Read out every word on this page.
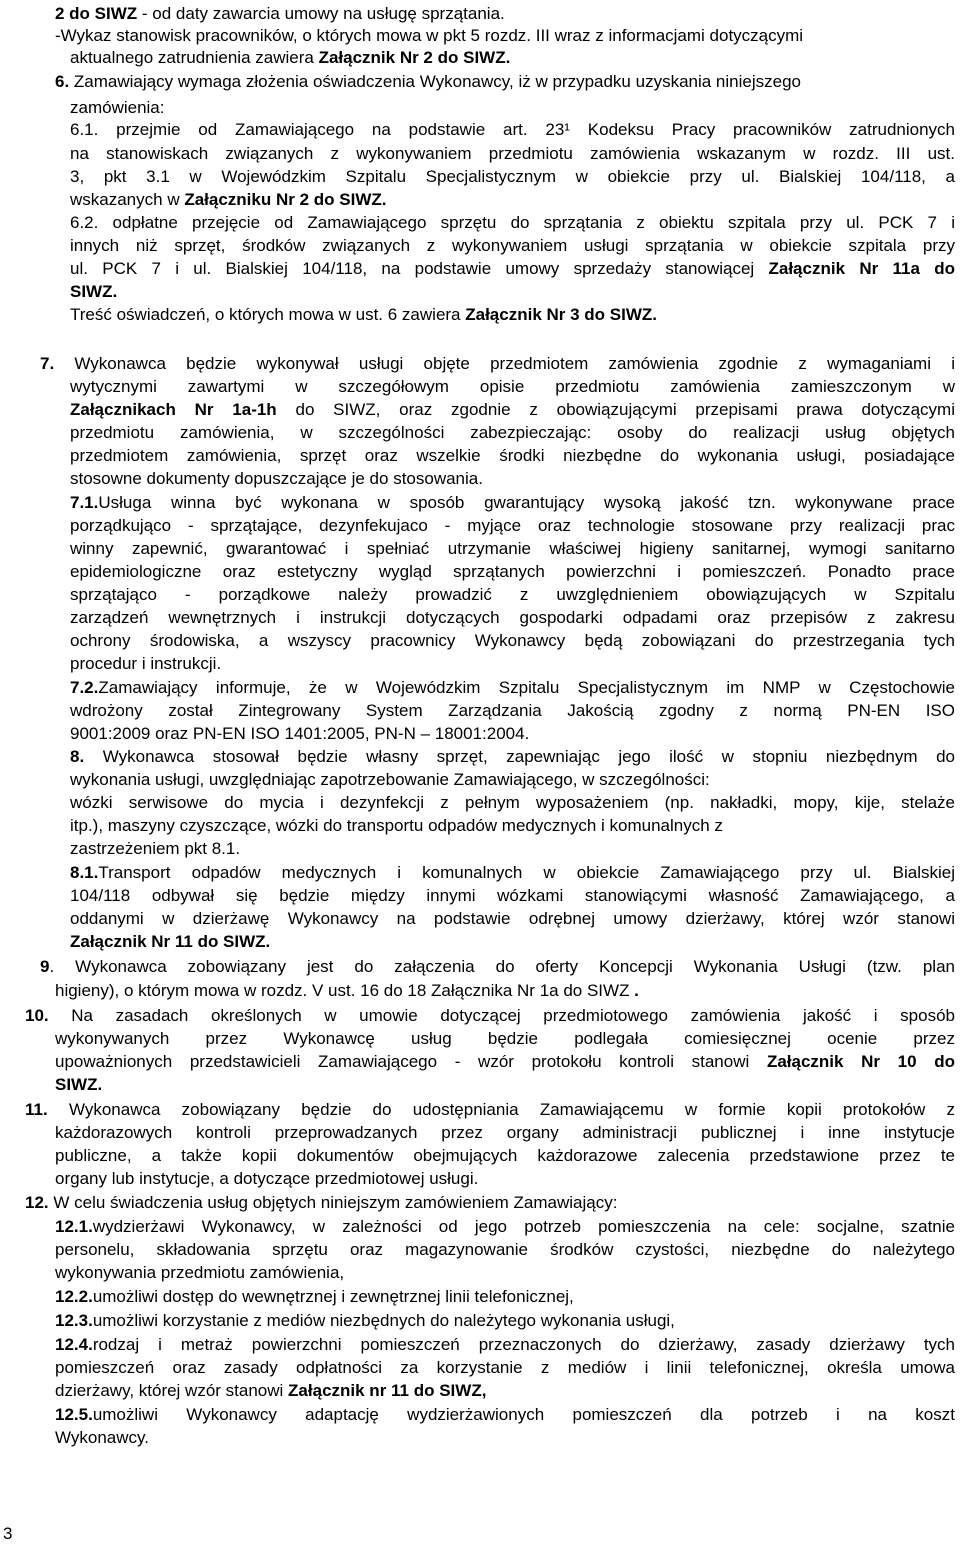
2 do SIWZ - od daty zawarcia umowy na usługę sprzątania.
-Wykaz stanowisk pracowników, o których mowa w pkt 5 rozdz. III wraz z informacjami dotyczącymi
aktualnego zatrudnienia zawiera Załącznik Nr 2 do SIWZ.
6. Zamawiający wymaga złożenia oświadczenia Wykonawcy, iż w przypadku uzyskania niniejszego
zamówienia:
6.1. przejmie od Zamawiającego na podstawie art. 23¹ Kodeksu Pracy pracowników zatrudnionych
na stanowiskach związanych z wykonywaniem przedmiotu zamówienia wskazanym w rozdz. III ust.
3, pkt 3.1 w Wojewódzkim Szpitalu Specjalistycznym w obiekcie przy ul. Bialskiej 104/118, a
wskazanych w Załączniku Nr 2 do SIWZ.
6.2. odpłatne przejęcie od Zamawiającego sprzętu do sprzątania z obiektu szpitala przy ul. PCK 7 i
innych niż sprzęt, środków związanych z wykonywaniem usługi sprzątania w obiekcie szpitala przy
ul. PCK 7 i ul. Bialskiej 104/118, na podstawie umowy sprzedaży stanowiącej Załącznik Nr 11a do
SIWZ.
Treść oświadczeń, o których mowa w ust. 6 zawiera Załącznik Nr 3 do SIWZ.
7. Wykonawca będzie wykonywał usługi objęte przedmiotem zamówienia zgodnie z wymaganiami i
wytycznymi zawartymi w szczegółowym opisie przedmiotu zamówienia zamieszczonym w
Załącznikach Nr 1a-1h do SIWZ, oraz zgodnie z obowiązującymi przepisami prawa dotyczącymi
przedmiotu zamówienia, w szczególności zabezpieczając: osoby do realizacji usług objętych
przedmiotem zamówienia, sprzęt oraz wszelkie środki niezbędne do wykonania usługi, posiadające
stosowne dokumenty dopuszczające je do stosowania.
7.1.Usługa winna być wykonana w sposób gwarantujący wysoką jakość tzn. wykonywane prace
porządkująco - sprzątające, dezynfekujaco - myjące oraz technologie stosowane przy realizacji prac
winny zapewnić, gwarantować i spełniać utrzymanie właściwej higieny sanitarnej, wymogi sanitarno
epidemiologiczne oraz estetyczny wygląd sprzątanych powierzchni i pomieszczeń. Ponadto prace
sprzątająco - porządkowe należy prowadzić z uwzględnieniem obowiązujących w Szpitalu
zarządzeń wewnętrznych i instrukcji dotyczących gospodarki odpadami oraz przepisów z zakresu
ochrony środowiska, a wszyscy pracownicy Wykonawcy będą zobowiązani do przestrzegania tych
procedur i instrukcji.
7.2.Zamawiający informuje, że w Wojewódzkim Szpitalu Specjalistycznym im NMP w Częstochowie
wdrożony został Zintegrowany System Zarządzania Jakością zgodny z normą PN-EN ISO
9001:2009 oraz PN-EN ISO 1401:2005, PN-N – 18001:2004.
8. Wykonawca stosował będzie własny sprzęt, zapewniając jego ilość w stopniu niezbędnym do
wykonania usługi, uwzględniając zapotrzebowanie Zamawiającego, w szczególności:
wózki serwisowe do mycia i dezynfekcji z pełnym wyposażeniem (np. nakładki, mopy, kije, stelaże
itp.), maszyny czyszczące, wózki do transportu odpadów medycznych i komunalnych z
zastrzeżeniem pkt 8.1.
8.1.Transport odpadów medycznych i komunalnych w obiekcie Zamawiającego przy ul. Bialskiej
104/118 odbywał się będzie między innymi wózkami stanowiącymi własność Zamawiającego, a
oddanymi w dzierżawę Wykonawcy na podstawie odrębnej umowy dzierżawy, której wzór stanowi
Załącznik Nr 11 do SIWZ.
9. Wykonawca zobowiązany jest do załączenia do oferty Koncepcji Wykonania Usługi (tzw. plan
higieny), o którym mowa w rozdz. V ust. 16 do 18 Załącznika Nr 1a do SIWZ .
10. Na zasadach określonych w umowie dotyczącej przedmiotowego zamówienia jakość i sposób
wykonywanych przez Wykonawcę usług będzie podlegała comiesięcznej ocenie przez
upoważnionych przedstawicieli Zamawiającego - wzór protokołu kontroli stanowi Załącznik Nr 10 do
SIWZ.
11. Wykonawca zobowiązany będzie do udostępniania Zamawiającemu w formie kopii protokołów z
każdorazowych kontroli przeprowadzanych przez organy administracji publicznej i inne instytucje
publiczne, a także kopii dokumentów obejmujących każdorazowe zalecenia przedstawione przez te
organy lub instytucje, a dotyczące przedmiotowej usługi.
12. W celu świadczenia usług objętych niniejszym zamówieniem Zamawiający:
12.1.wydzierżawi Wykonawcy, w zależności od jego potrzeb pomieszczenia na cele: socjalne, szatnie
personelu, składowania sprzętu oraz magazynowanie środków czystości, niezbędne do należytego
wykonywania przedmiotu zamówienia,
12.2.umożliwi dostęp do wewnętrznej i zewnętrznej linii telefonicznej,
12.3.umożliwi korzystanie z mediów niezbędnych do należytego wykonania usługi,
12.4.rodzaj i metraż powierzchni pomieszczeń przeznaczonych do dzierżawy, zasady dzierżawy tych
pomieszczeń oraz zasady odpłatności za korzystanie z mediów i linii telefonicznej, określa umowa
dzierżawy, której wzór stanowi Załącznik nr 11 do SIWZ,
12.5.umożliwi Wykonawcy adaptację wydzierżawionych pomieszczeń dla potrzeb i na koszt
Wykonawcy.
3
